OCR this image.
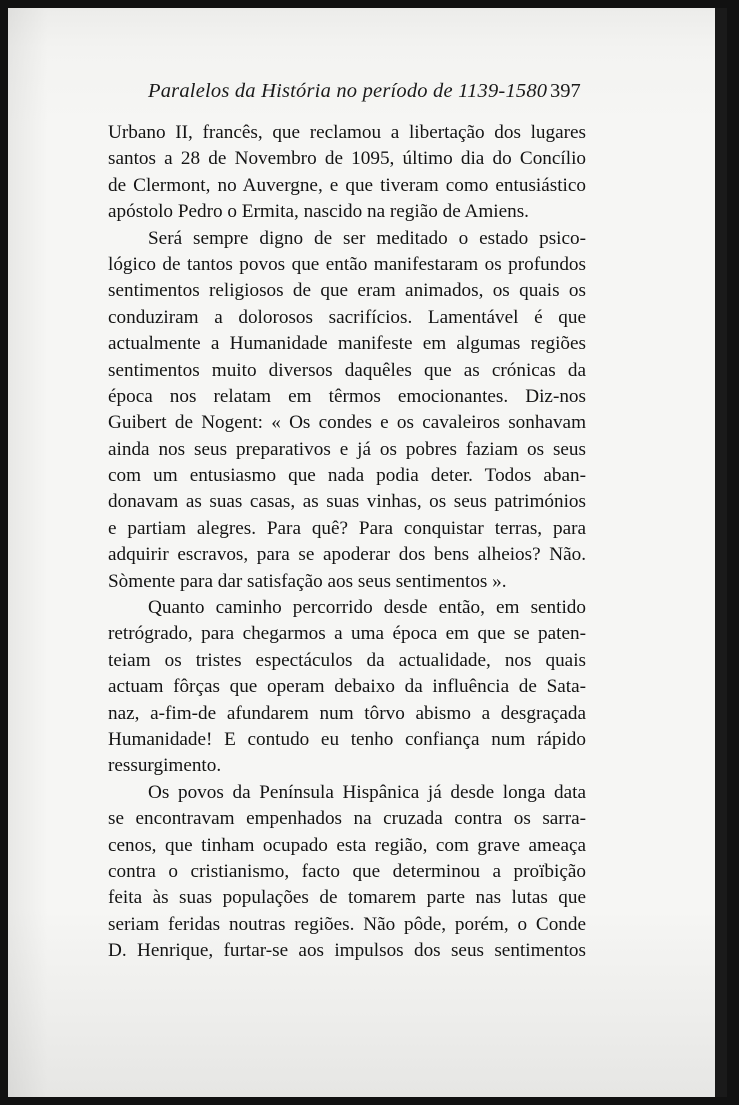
Paralelos da História no período de 1139-1580 397

Urbano II, francês, que reclamou a libertação dos lugares
santos a 28 de Novembro de 1095, último dia do Concílio
de Clermont, no Auvergne, e que tiveram como entusiástico
apóstolo Pedro o Ermita, nascido na região de Amiens.

Será sempre digno de ser meditado o estado psico-
lógico de tantos povos que então manifestaram os profundos
sentimentos religiosos de que eram animados, os quais os
conduziram a dolorosos sacrifícios. Lamentável é que
actualmente a Humanidade manifeste em algumas regiões
sentimentos muito diversos daquêles que as crónicas da
época nos relatam em têrmos emocionantes. Diz-nos
Guibert de Nogent: « Os condes e os cavaleiros sonhavam
ainda nos seus preparativos e já os pobres faziam os seus
com um entusiasmo que nada podia deter. Todos aban-
donavam as suas casas, as suas vinhas, os seus patrimónios
e partiam alegres. Para quê? Para conquistar terras, para
adquirir escravos, para se apoderar dos bens alheios? Não.
Sòmente para dar satisfação aos seus sentimentos ».

Quanto caminho percorrido desde então, em sentido
retrógrado, para chegarmos a uma época em que se paten-
teiam os tristes espectáculos da actualidade, nos quais
actuam fôrças que operam debaixo da influência de Sata-
naz, a-fim-de afundarem num tôrvo abismo a desgraçada
Humanidade! E contudo eu tenho confiança num rápido
ressurgimento.

Os povos da Península Hispânica já desde longa data
se encontravam empenhados na cruzada contra os sarra-
cenos, que tinham ocupado esta região, com grave ameaça
contra o cristianismo, facto que determinou a proïbição
feita às suas populações de tomarem parte nas lutas que
seriam feridas noutras regiões. Não pôde, porém, o Conde
D. Henrique, furtar-se aos impulsos dos seus sentimentos
